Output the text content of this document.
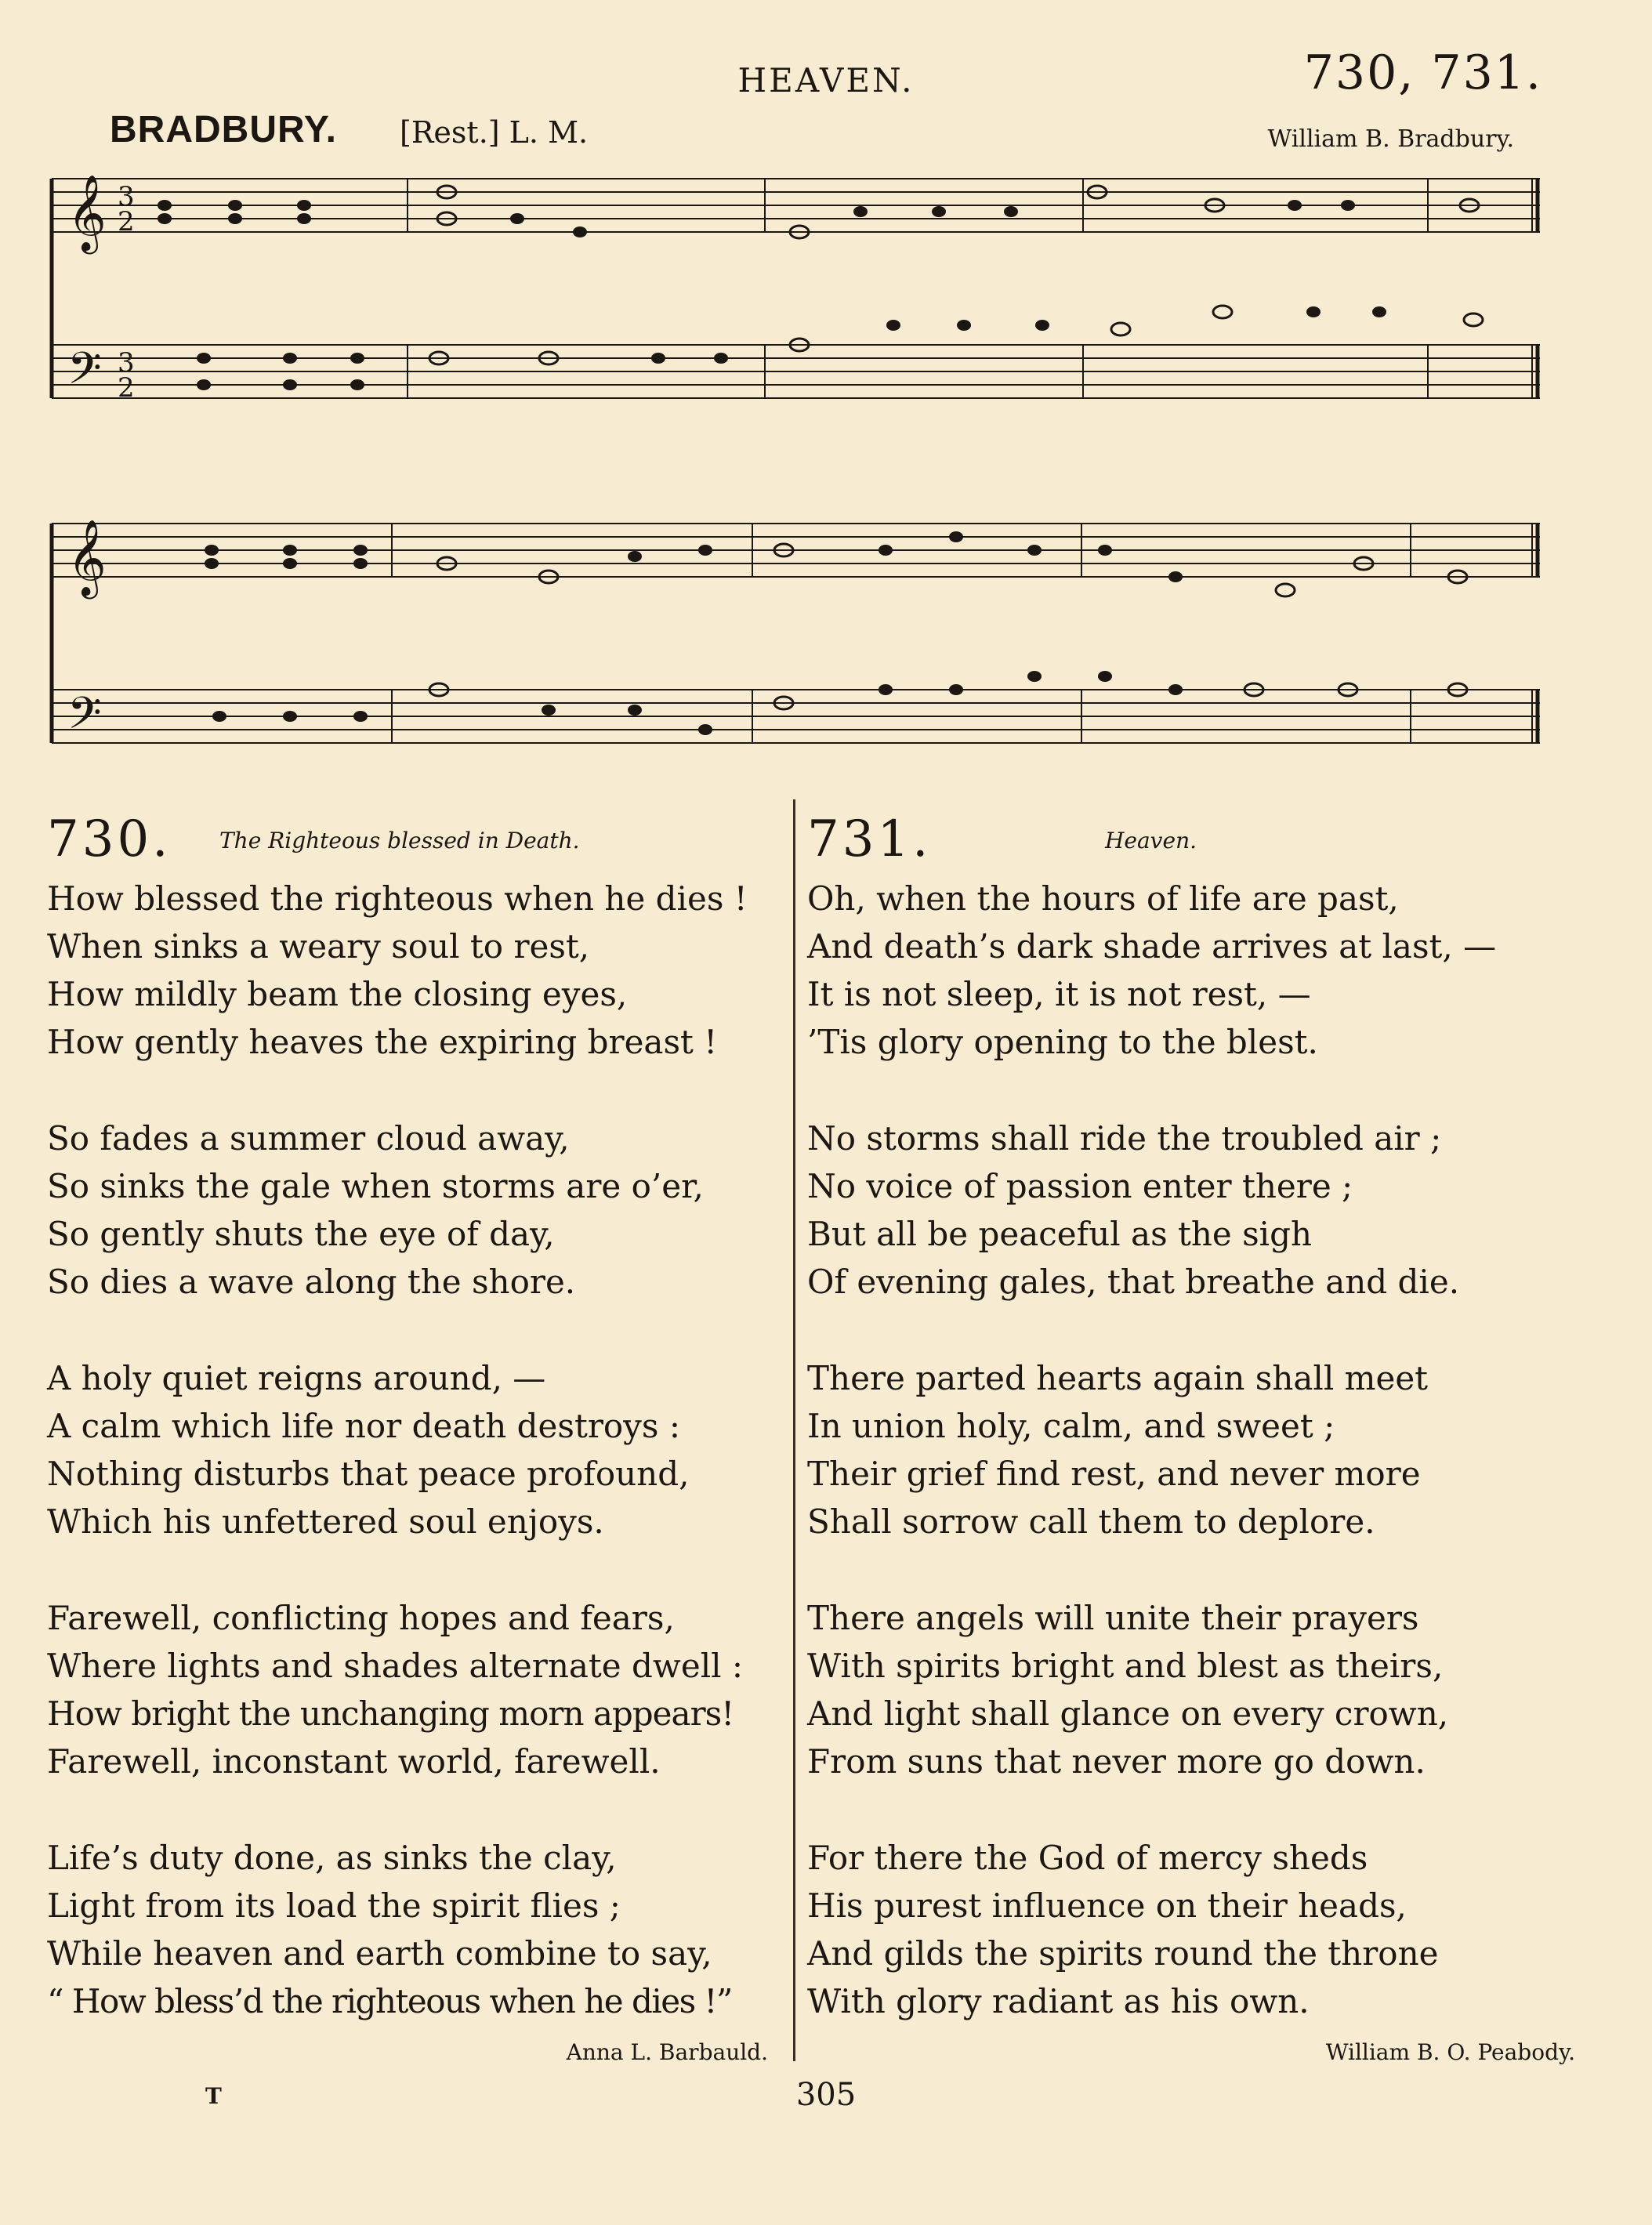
HEAVEN.	730, 731.
BRADBURY. [Rest.] L. M.	William B. Bradbury.
𝄞
𝄢
3
2
3
2
𝄞
𝄢
730. The Righteous blessed in Death.
How blessed the righteous when he dies !
When sinks a weary soul to rest,
How mildly beam the closing eyes,
How gently heaves the expiring breast !
So fades a summer cloud away,
So sinks the gale when storms are o’er,
So gently shuts the eye of day,
So dies a wave along the shore.
A holy quiet reigns around, —
A calm which life nor death destroys :
Nothing disturbs that peace profound,
Which his unfettered soul enjoys.
Farewell, conflicting hopes and fears,
Where lights and shades alternate dwell :
How bright the unchanging morn appears!
Farewell, inconstant world, farewell.
Life’s duty done, as sinks the clay,
Light from its load the spirit flies ;
While heaven and earth combine to say,
“ How bless’d the righteous when he dies !”
Anna L. Barbauld.
731.	Heaven.
Oh, when the hours of life are past,
And death’s dark shade arrives at last, —
It is not sleep, it is not rest, —
’Tis glory opening to the blest.
No storms shall ride the troubled air ;
No voice of passion enter there ;
But all be peaceful as the sigh
Of evening gales, that breathe and die.
There parted hearts again shall meet
In union holy, calm, and sweet ;
Their grief find rest, and never more
Shall sorrow call them to deplore.
There angels will unite their prayers
With spirits bright and blest as theirs,
And light shall glance on every crown,
From suns that never more go down.
For there the God of mercy sheds
His purest influence on their heads,
And gilds the spirits round the throne
With glory radiant as his own.
William B. O. Peabody.
T	305
